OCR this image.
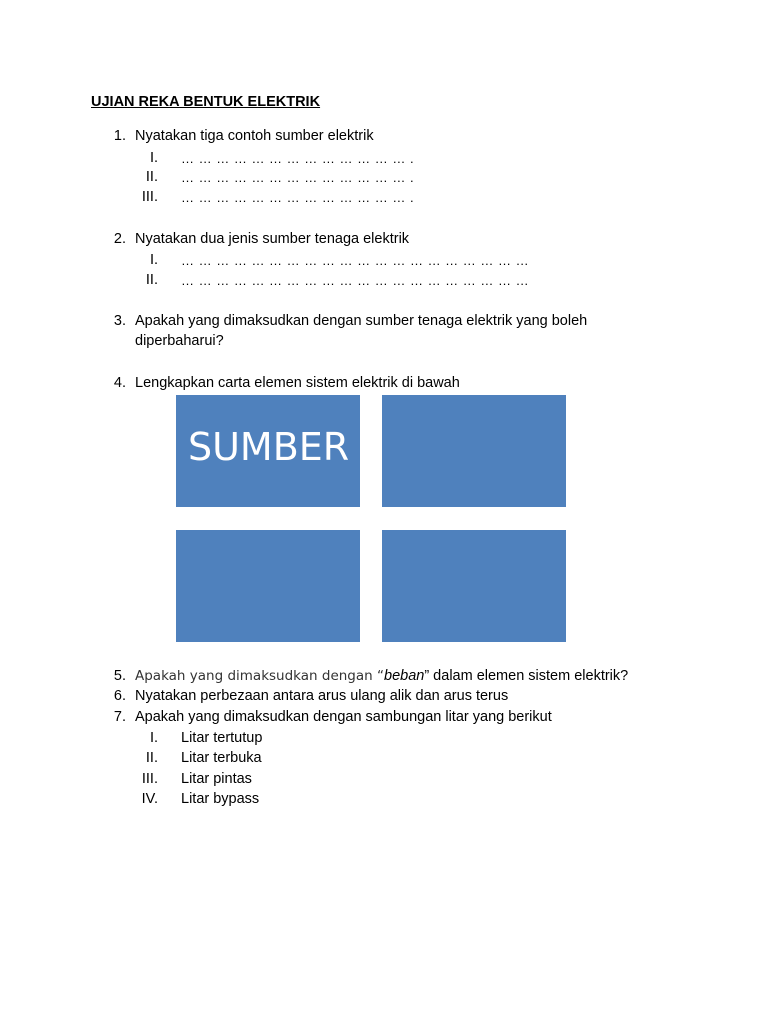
UJIAN REKA BENTUK ELEKTRIK
1. Nyatakan tiga contoh sumber elektrik
I. … … … … … … … … … … … … … .
II. … … … … … … … … … … … … … .
III. … … … … … … … … … … … … … .
2. Nyatakan dua jenis sumber tenaga elektrik
I. … … … … … … … … … … … … … … … … … … … …
II. … … … … … … … … … … … … … … … … … … … …
3. Apakah yang dimaksudkan dengan sumber tenaga elektrik yang boleh
diperbaharui?
4. Lengkapkan carta elemen sistem elektrik di bawah
SUMBER
5. Apakah yang dimaksudkan dengan “beban” dalam elemen sistem elektrik?
6. Nyatakan perbezaan antara arus ulang alik dan arus terus
7. Apakah yang dimaksudkan dengan sambungan litar yang berikut
I. Litar tertutup
II. Litar terbuka
III. Litar pintas
IV. Litar bypass
